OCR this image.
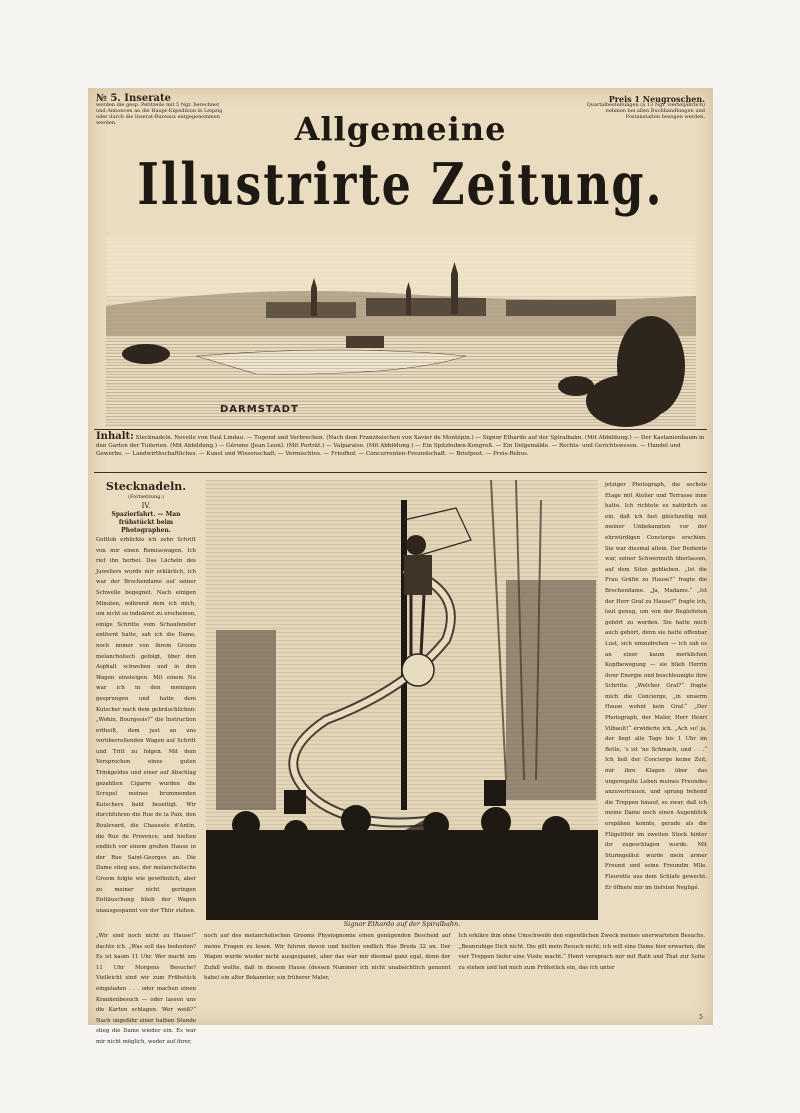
№ 5. Inserate
werden die gesp. Petitzeile mit 5 Ngr. berechnet und Annoncen an die Haupt-Expedition in Leipzig oder durch die Inserat-Bureaux entgegenommen werden.
Preis 1 Neugroschen.
Quartalbestellungen (à 13 Ngr. vierteljährlich) nehmen bei allen Buchhandlungen und Postanstalten bezogen werden.
Allgemeine
Illustrirte Zeitung.
DARMSTADT
Inhalt: Stecknadeln. Novelle von Paul Lindau. — Tugend und Verbrechen. (Nach dem Französischen von Xavier de Montépin.) — Signor Ethardo auf der Spiralbahn. (Mit Abbildung.) — Der Kastanienbaum in den Garten der Tuilerien. (Mit Abbildung.) — Gérome (Jean Leon). (Mit Porträt.) — Valparaiso. (Mit Abbildung.) — Ein Spitzbuben-Kongreß. — Ein Delgemälde. — Rechts- und Gerichtswesen. — Handel und Gewerbe. — Landwirthschaftliches. — Kunst und Wissenschaft. — Vermischtes. — Friedhof. — Concurrenten-Freundschaft. — Briefpost. — Preis-Rebus.
Stecknadeln.
(Fortsetzung.)
IV.
Spazierfahrt. — Man frühstückt beim Photographen.

Gottlob erblickte ich zehn Schritt von mir einen Remisewagen. Ich rief ihn herbei. Das Lächeln des Juweliers wurde mir erklärlich, ich war der Brochendame auf seiner Schwelle begegnet. Nach einigen Minuten, während dem ich mich, um nicht so indiskret zu erscheinen, einige Schritte vom Schaufenster entfernt hatte, sah ich die Dame, noch immer von ihrem Groom melancholisch gefolgt, über den Asphalt schweben und in den Wagen einsteigen. Mit einem Nu war ich in den meinigen gesprungen und hatte dem Kutscher nach dem gebräuchlichen: „Wohin, Bourgeois?“ die Instruction ertheilt, dem just an uns vorüberrollenden Wagen auf Schritt und Tritt zu folgen. Mit dem Versprechen eines guten Trinkgeldes und einer auf Abschlag gezahlten Cigarre wurden die Scrupel meines brummenden Kutschers bald beseitigt. Wir durchfuhren die Rue de la Paix, den Boulevard, die Chaussée d’Antin, die Rue de Provence, und hielten endlich vor einem großen Hause in der Rue Saint-Georges an. Die Dame stieg aus, der melancholische Groom folgte wie gewöhnlich, aber zu meiner nicht geringen Enttäuschung blieb der Wagen unausgespannt vor der Thür stehen.

Signor Ethardo auf der Spiralbahn.

jetziger Photograph, die sechste Etage mit Atelier und Terrasse inne hatte. Ich richtete es natürlich so ein, daß ich fast gleichzeitig mit meiner Unbekannten vor der ehrwürdigen Concierge erschien. Sie war diesmal allein. Der Bediente war, seiner Schwermuth überlassen, auf dem Sitze geblieben. „Ist die Frau Gräfin zu Hause?“ fragte die Brochendame. „Ja, Madame.“ „Ist der Herr Graf zu Hause?“ fragte ich, laut genug, um von der Begleiteten gehört zu werden. Sie hatte mich auch gehört, denn sie hatte offenbar Lust, sich umzudrehen — ich sah es an einer kaum merklichen Kopfbewegung — sie blieb Herrin ihrer Energie und beschleunigte ihre Schritte. „Welcher Graf?“ fragte mich die Concierge, „in unserm Hause wohnt kein Graf.“ „Der Photograph, der Maler, Herr Henri Vilbault!“ erwiderte ich. „Ach so! ja, der liegt alle Tage bis 1 Uhr im Bette, ’s ist ’ne Schmach, und . . .“ Ich ließ der Concierge keine Zeit, mir ihre Klagen über das ungeregelte Leben meines Freundes anzuvertrauen, und sprang behend die Treppen hinauf, so zwar, daß ich meine Dame noch einen Augenblick erspähen konnte, gerade als die Flügelthür im zweiten Stock hinter ihr zugeschlagen wurde. Mit Sturmgeläut wurde mein armer Freund und seine Freundin Mlle. Fleurette aus dem Schlafe geweckt. Er öffnete mir im tiefsten Negligé.

„Wir sind noch nicht zu Hause!“ dachte ich. „Was soll das bedeuten? Es ist kaum 11 Uhr. Wer macht um 11 Uhr Morgens Besuche? Vielleicht sind wir zum Frühstück eingeladen . . . oder machen einen Krankenbesuch — oder lassen uns die Karten schlagen. Wer weiß?“ Nach ungefähr einer halben Stunde stieg die Dame wieder ein. Es war mir nicht möglich, weder auf ihrer,
noch auf des melancholischen Grooms Physiognomie einen genügenden Bescheid auf meine Fragen zu lesen. Wir fuhren davon und hielten endlich Rue Breda 32 an. Der Wagen wurde wieder nicht ausgespannt, aber das war mir diesmal ganz egal, denn der Zufall wollte, daß in diesem Hause (dessen Nummer ich nicht unabsichtlich genannt habe) ein alter Bekannter, ein früherer Maler,
Ich erkläre ihm ohne Umschweife den eigentlichen Zweck meines unerwarteten Besuchs. „Beunruhige Dich nicht. Die gilt mein Besuch nicht; ich will eine Dame hier erwarten, die vier Treppen tiefer eine Visite macht.“ Henri versprach mir mit Rath und That zur Seite zu stehen und lud mich zum Frühstück ein, das ich unter
5
